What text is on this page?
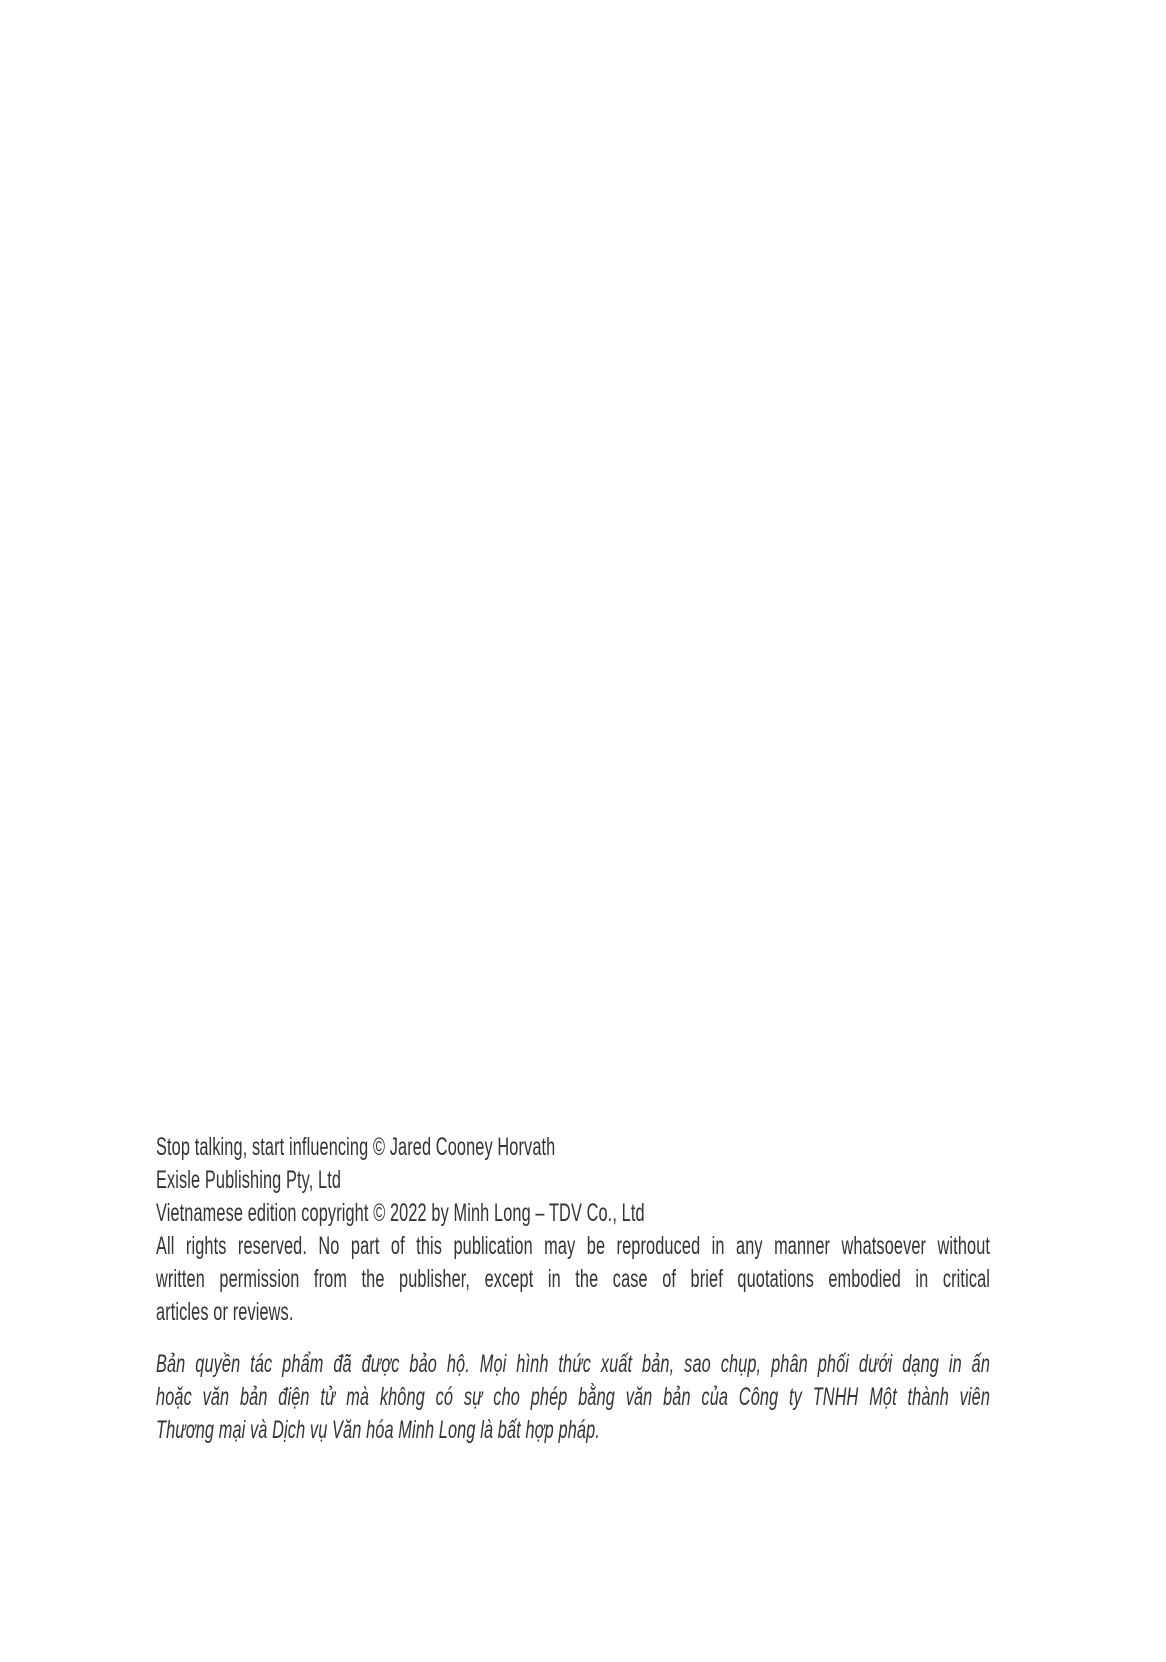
Stop talking, start influencing © Jared Cooney Horvath
Exisle Publishing Pty, Ltd
Vietnamese edition copyright © 2022 by Minh Long – TDV Co., Ltd
All rights reserved. No part of this publication may be reproduced in any manner whatsoever without
written permission from the publisher, except in the case of brief quotations embodied in critical
articles or reviews.
Bản quyền tác phẩm đã được bảo hộ. Mọi hình thức xuất bản, sao chụp, phân phối dưới dạng in ấn
hoặc văn bản điện tử mà không có sự cho phép bằng văn bản của Công ty TNHH Một thành viên
Thương mại và Dịch vụ Văn hóa Minh Long là bất hợp pháp.
